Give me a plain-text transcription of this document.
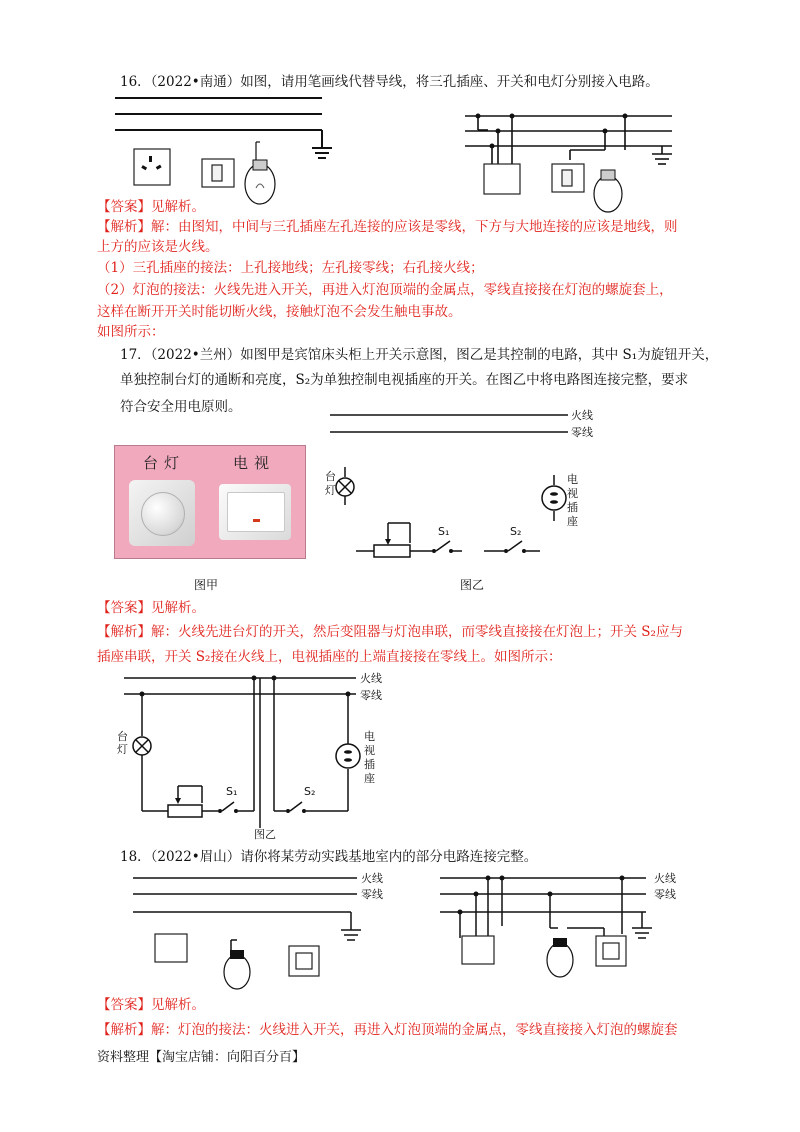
16．（2022•南通）如图，请用笔画线代替导线，将三孔插座、开关和电灯分别接入电路。
【答案】见解析。
【解析】解：由图知，中间与三孔插座左孔连接的应该是零线，下方与大地连接的应该是地线，则
上方的应该是火线。
（1）三孔插座的接法：上孔接地线；左孔接零线；右孔接火线；
（2）灯泡的接法：火线先进入开关，再进入灯泡顶端的金属点，零线直接接在灯泡的螺旋套上，
这样在断开开关时能切断火线，接触灯泡不会发生触电事故。
如图所示：
17．（2022•兰州）如图甲是宾馆床头柜上开关示意图，图乙是其控制的电路，其中 S₁为旋钮开关，
单独控制台灯的通断和亮度，S₂为单独控制电视插座的开关。在图乙中将电路图连接完整，要求
符合安全用电原则。
台灯	电视
图甲
火线
零线
S₁	S₂
台灯
电视插座
图乙
【答案】见解析。
【解析】解：火线先进台灯的开关，然后变阻器与灯泡串联，而零线直接接在灯泡上；开关 S₂应与
插座串联，开关 S₂接在火线上，电视插座的上端直接接在零线上。如图所示：
火线
零线
S₁	S₂
图乙
台灯
电视插座
18．（2022•眉山）请你将某劳动实践基地室内的部分电路连接完整。
火线
零线
火线
零线
【答案】见解析。
【解析】解：灯泡的接法：火线进入开关，再进入灯泡顶端的金属点，零线直接接入灯泡的螺旋套
资料整理【淘宝店铺：向阳百分百】
